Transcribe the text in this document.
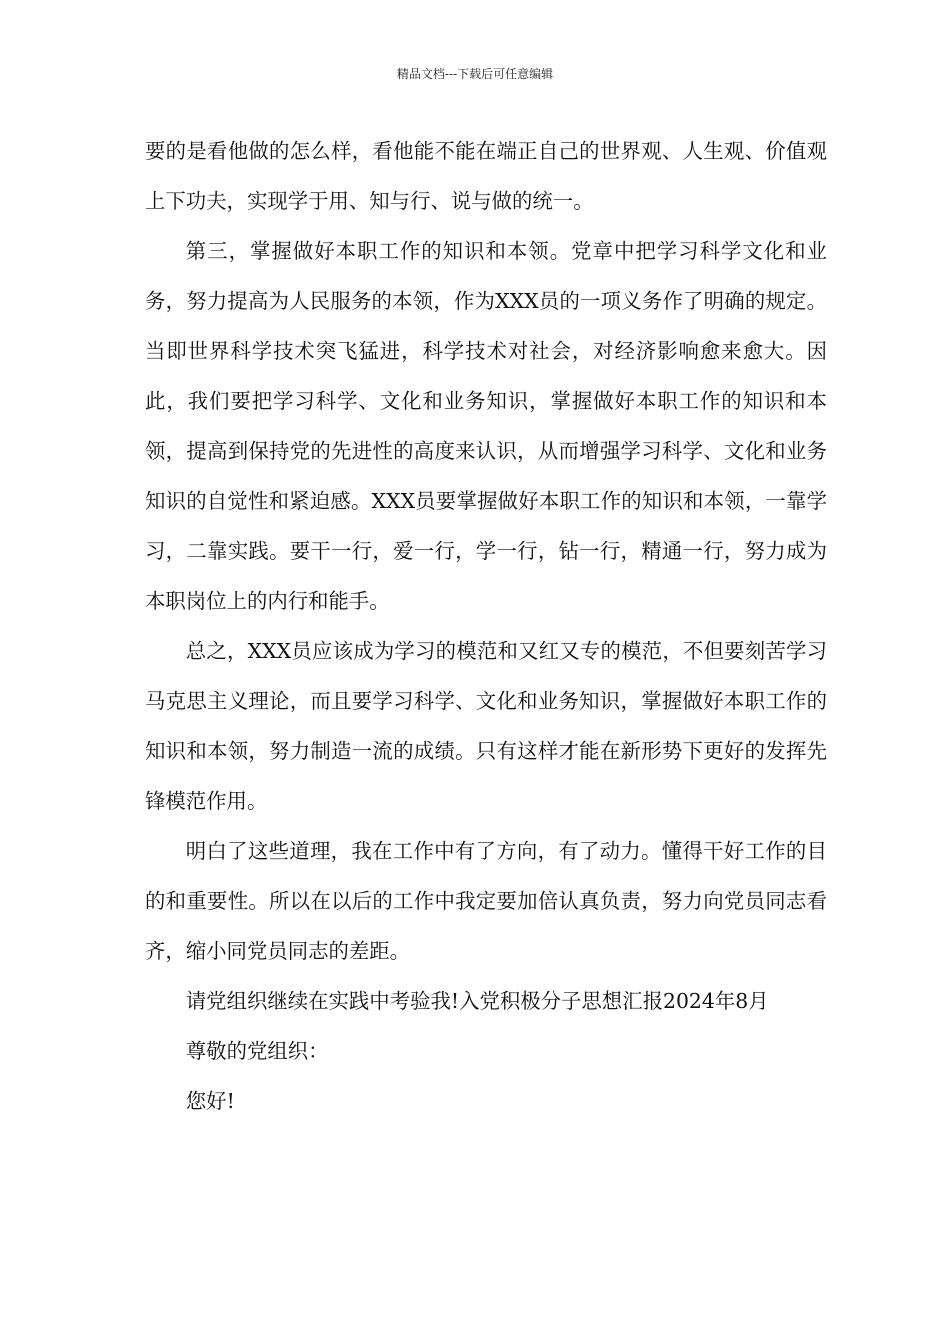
精品文档---下载后可任意编辑

要的是看他做的怎么样，看他能不能在端正自己的世界观、人生观、价值观上下功夫，实现学于用、知与行、说与做的统一。

第三，掌握做好本职工作的知识和本领。党章中把学习科学文化和业务，努力提高为人民服务的本领，作为XXX员的一项义务作了明确的规定。当即世界科学技术突飞猛进，科学技术对社会，对经济影响愈来愈大。因此，我们要把学习科学、文化和业务知识，掌握做好本职工作的知识和本领，提高到保持党的先进性的高度来认识，从而增强学习科学、文化和业务知识的自觉性和紧迫感。XXX员要掌握做好本职工作的知识和本领，一靠学习，二靠实践。要干一行，爱一行，学一行，钻一行，精通一行，努力成为本职岗位上的内行和能手。

总之，XXX员应该成为学习的模范和又红又专的模范，不但要刻苦学习马克思主义理论，而且要学习科学、文化和业务知识，掌握做好本职工作的知识和本领，努力制造一流的成绩。只有这样才能在新形势下更好的发挥先锋模范作用。

明白了这些道理，我在工作中有了方向，有了动力。懂得干好工作的目的和重要性。所以在以后的工作中我定要加倍认真负责，努力向党员同志看齐，缩小同党员同志的差距。

请党组织继续在实践中考验我!入党积极分子思想汇报2024年8月

尊敬的党组织：

您好!
